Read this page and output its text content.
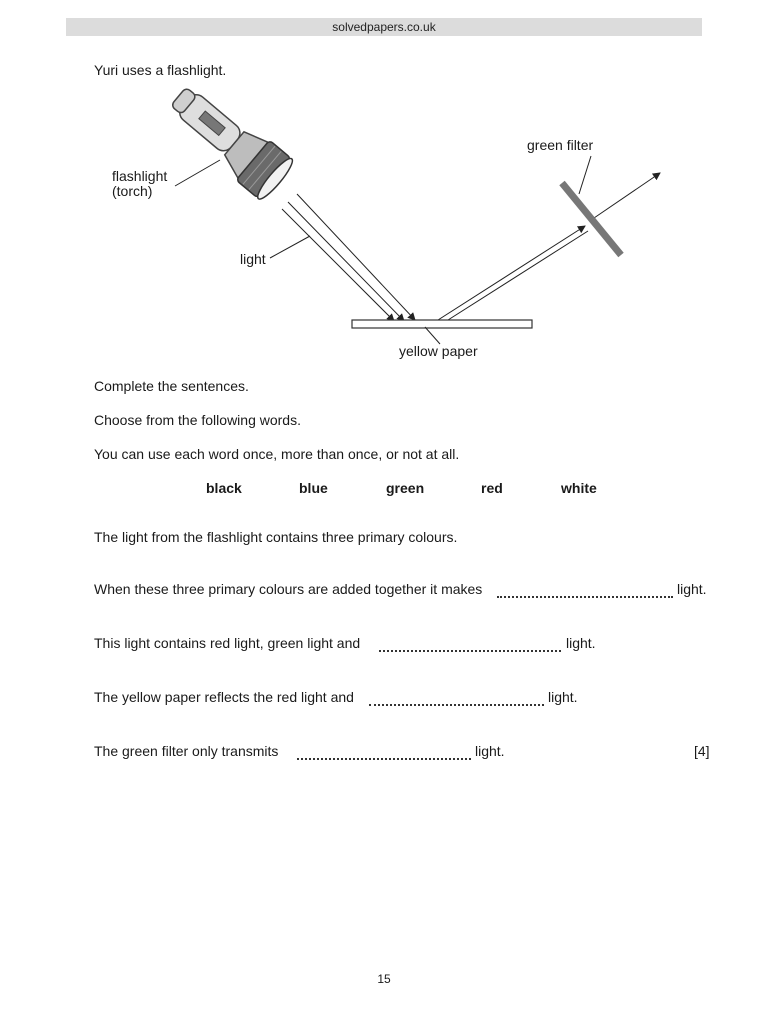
solvedpapers.co.uk
Yuri uses a flashlight.
flashlight
(torch)
light
green filter
yellow paper
Complete the sentences.
Choose from the following words.
You can use each word once, more than once, or not at all.
black	blue	green	red	white
The light from the flashlight contains three primary colours.
When these three primary colours are added together it makes	light.
This light contains red light, green light and	light.
The yellow paper reflects the red light and	light.
The green filter only transmits	light.	[4]
15
